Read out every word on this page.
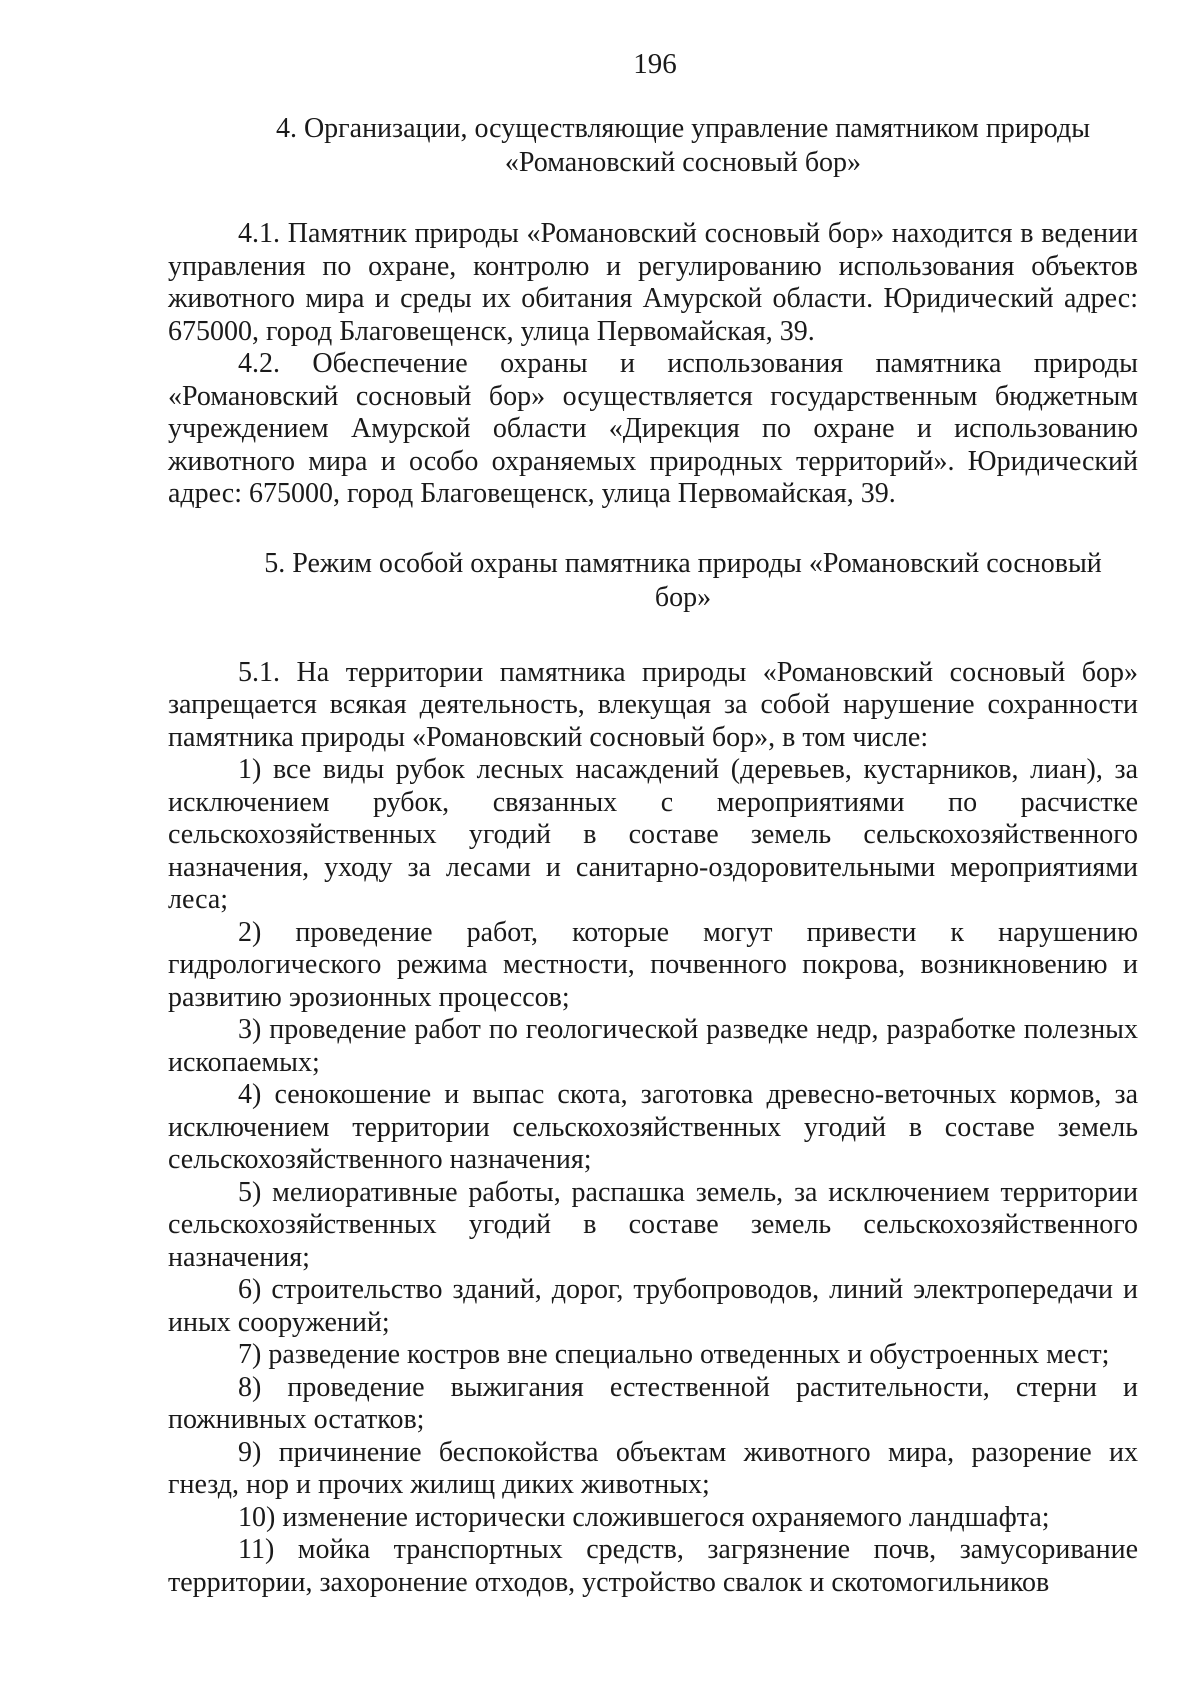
196
4. Организации, осуществляющие управление памятником природы
«Романовский сосновый бор»

4.1. Памятник природы «Романовский сосновый бор» находится в ведении управления по охране, контролю и регулированию использования объектов животного мира и среды их обитания Амурской области. Юридический адрес: 675000, город Благовещенск, улица Первомайская, 39.

4.2. Обеспечение охраны и использования памятника природы «Романовский сосновый бор» осуществляется государственным бюджетным учреждением Амурской области «Дирекция по охране и использованию животного мира и особо охраняемых природных территорий». Юридический адрес: 675000, город Благовещенск, улица Первомайская, 39.

5. Режим особой охраны памятника природы «Романовский сосновый
бор»

5.1. На территории памятника природы «Романовский сосновый бор» запрещается всякая деятельность, влекущая за собой нарушение сохранности памятника природы «Романовский сосновый бор», в том числе:

1) все виды рубок лесных насаждений (деревьев, кустарников, лиан), за исключением рубок, связанных с мероприятиями по расчистке сельскохозяйственных угодий в составе земель сельскохозяйственного назначения, уходу за лесами и санитарно-оздоровительными мероприятиями леса;

2) проведение работ, которые могут привести к нарушению гидрологического режима местности, почвенного покрова, возникновению и развитию эрозионных процессов;

3) проведение работ по геологической разведке недр, разработке полезных ископаемых;

4) сенокошение и выпас скота, заготовка древесно-веточных кормов, за исключением территории сельскохозяйственных угодий в составе земель сельскохозяйственного назначения;

5) мелиоративные работы, распашка земель, за исключением территории сельскохозяйственных угодий в составе земель сельскохозяйственного назначения;

6) строительство зданий, дорог, трубопроводов, линий электропередачи и иных сооружений;

7) разведение костров вне специально отведенных и обустроенных мест;

8) проведение выжигания естественной растительности, стерни и пожнивных остатков;

9) причинение беспокойства объектам животного мира, разорение их гнезд, нор и прочих жилищ диких животных;

10) изменение исторически сложившегося охраняемого ландшафта;

11) мойка транспортных средств, загрязнение почв, замусоривание территории, захоронение отходов, устройство свалок и скотомогильников
